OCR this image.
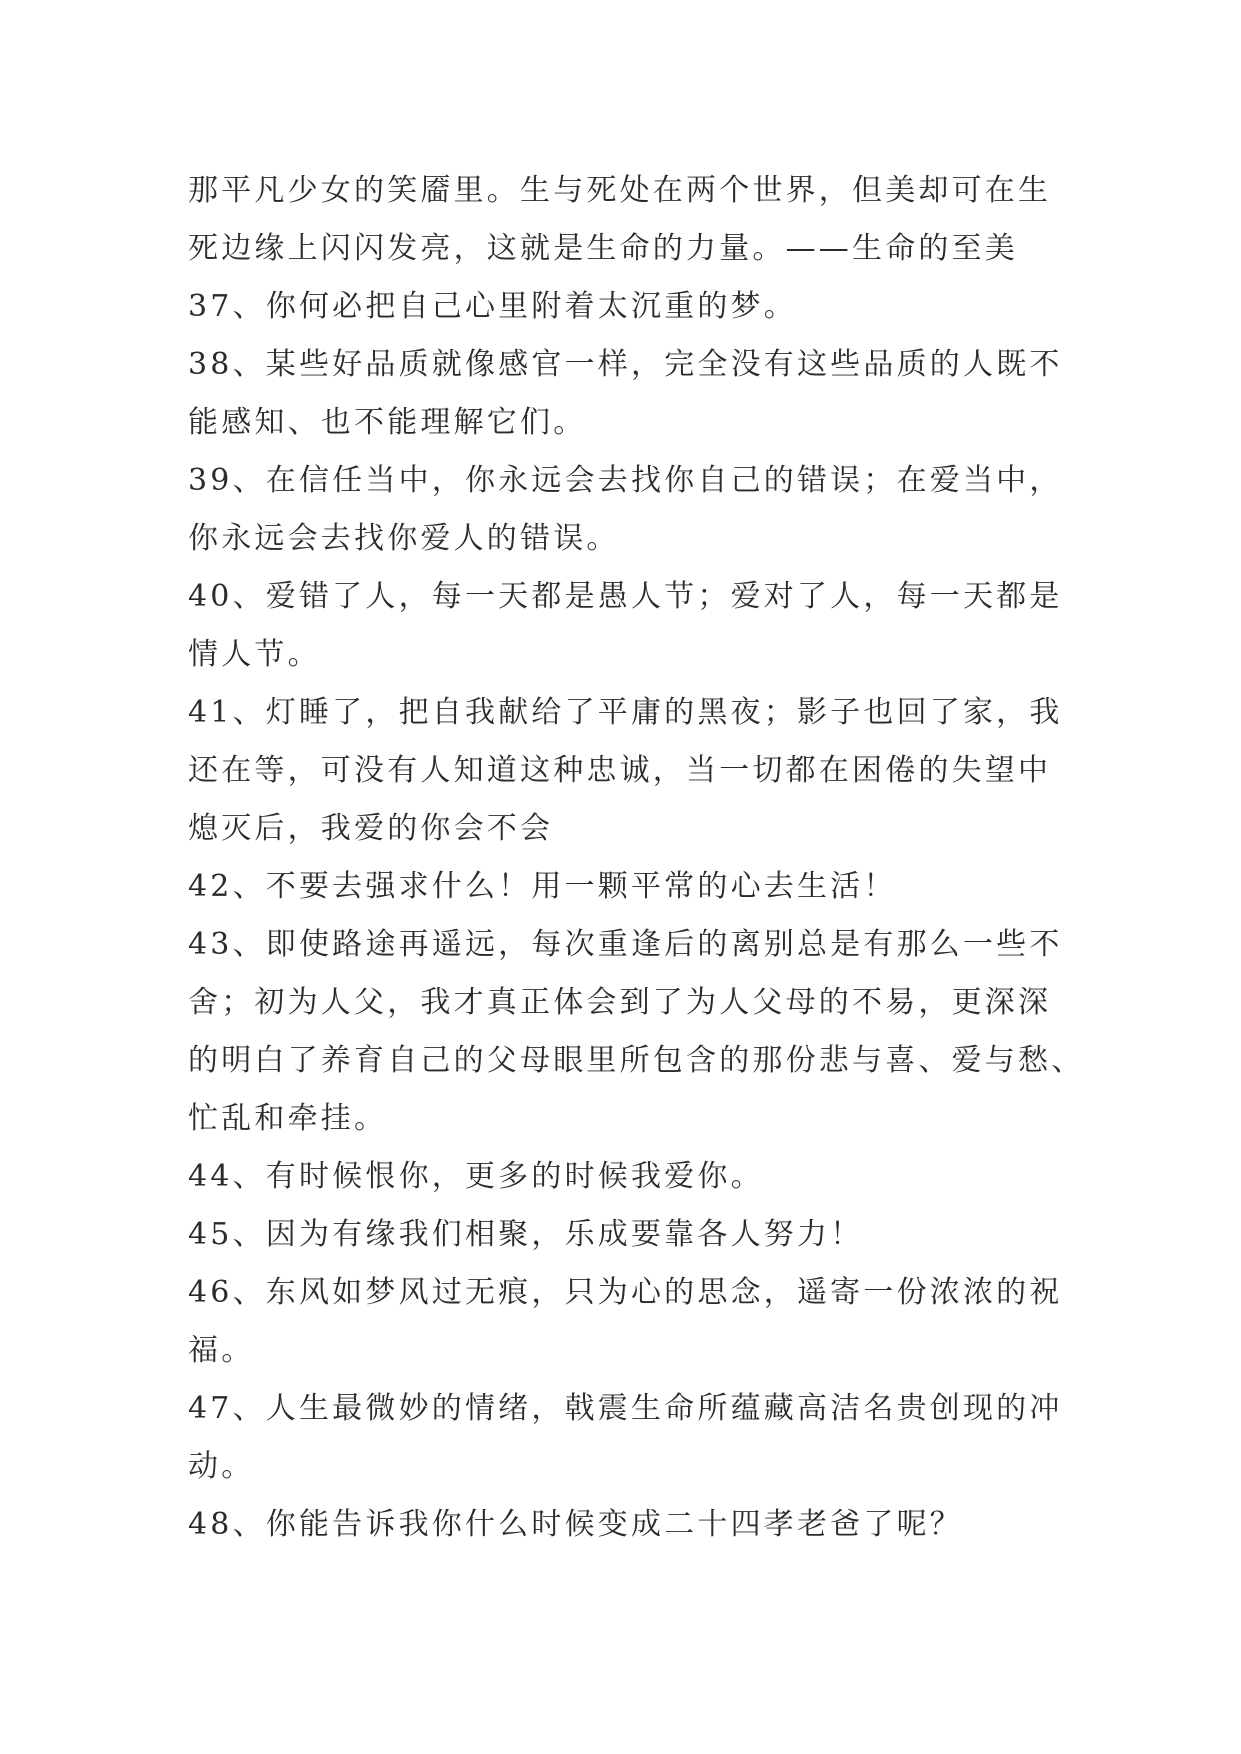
那平凡少女的笑靥里。生与死处在两个世界，但美却可在生
死边缘上闪闪发亮，这就是生命的力量。——生命的至美
37、你何必把自己心里附着太沉重的梦。
38、某些好品质就像感官一样，完全没有这些品质的人既不
能感知、也不能理解它们。
39、在信任当中，你永远会去找你自己的错误；在爱当中，
你永远会去找你爱人的错误。
40、爱错了人，每一天都是愚人节；爱对了人，每一天都是
情人节。
41、灯睡了，把自我献给了平庸的黑夜；影子也回了家，我
还在等，可没有人知道这种忠诚，当一切都在困倦的失望中
熄灭后，我爱的你会不会
42、不要去强求什么！用一颗平常的心去生活！
43、即使路途再遥远，每次重逢后的离别总是有那么一些不
舍；初为人父，我才真正体会到了为人父母的不易，更深深
的明白了养育自己的父母眼里所包含的那份悲与喜、爱与愁、
忙乱和牵挂。
44、有时候恨你，更多的时候我爱你。
45、因为有缘我们相聚，乐成要靠各人努力！
46、东风如梦风过无痕，只为心的思念，遥寄一份浓浓的祝
福。
47、人生最微妙的情绪，戟震生命所蕴藏高洁名贵创现的冲
动。
48、你能告诉我你什么时候变成二十四孝老爸了呢？
